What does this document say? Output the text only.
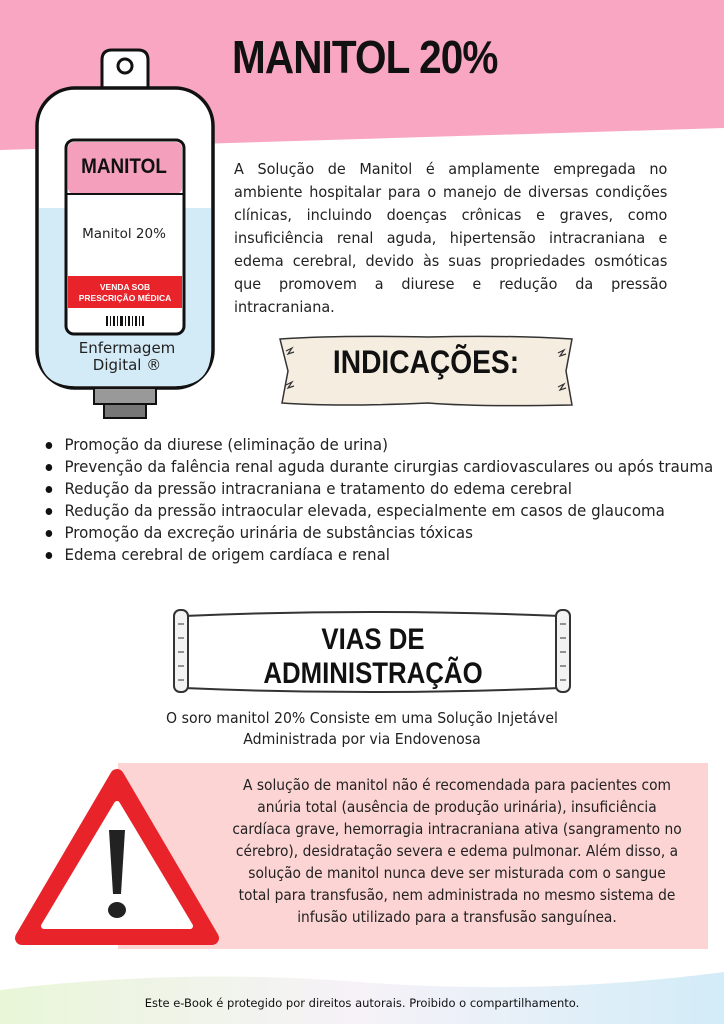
MANITOL 20%
MANITOL
Manitol 20%
VENDA SOB
PRESCRIÇÃO MÉDICA
Enfermagem
Digital ®

A Solução de Manitol é amplamente empregada no ambiente hospitalar para o manejo de diversas condições clínicas, incluindo doenças crônicas e graves, como insuficiência renal aguda, hipertensão intracraniana e edema cerebral, devido às suas propriedades osmóticas que promovem a diurese e redução da pressão intracraniana.

INDICAÇÕES:
Promoção da diurese (eliminação de urina)
Prevenção da falência renal aguda durante cirurgias cardiovasculares ou após trauma
Redução da pressão intracraniana e tratamento do edema cerebral
Redução da pressão intraocular elevada, especialmente em casos de glaucoma
Promoção da excreção urinária de substâncias tóxicas
Edema cerebral de origem cardíaca e renal
VIAS DE ADMINISTRAÇÃO
O soro manitol 20% Consiste em uma Solução Injetável
Administrada por via Endovenosa

A solução de manitol não é recomendada para pacientes com anúria total (ausência de produção urinária), insuficiência cardíaca grave, hemorragia intracraniana ativa (sangramento no cérebro), desidratação severa e edema pulmonar. Além disso, a solução de manitol nunca deve ser misturada com o sangue total para transfusão, nem administrada no mesmo sistema de infusão utilizado para a transfusão sanguínea.

Este e-Book é protegido por direitos autorais. Proibido o compartilhamento.
